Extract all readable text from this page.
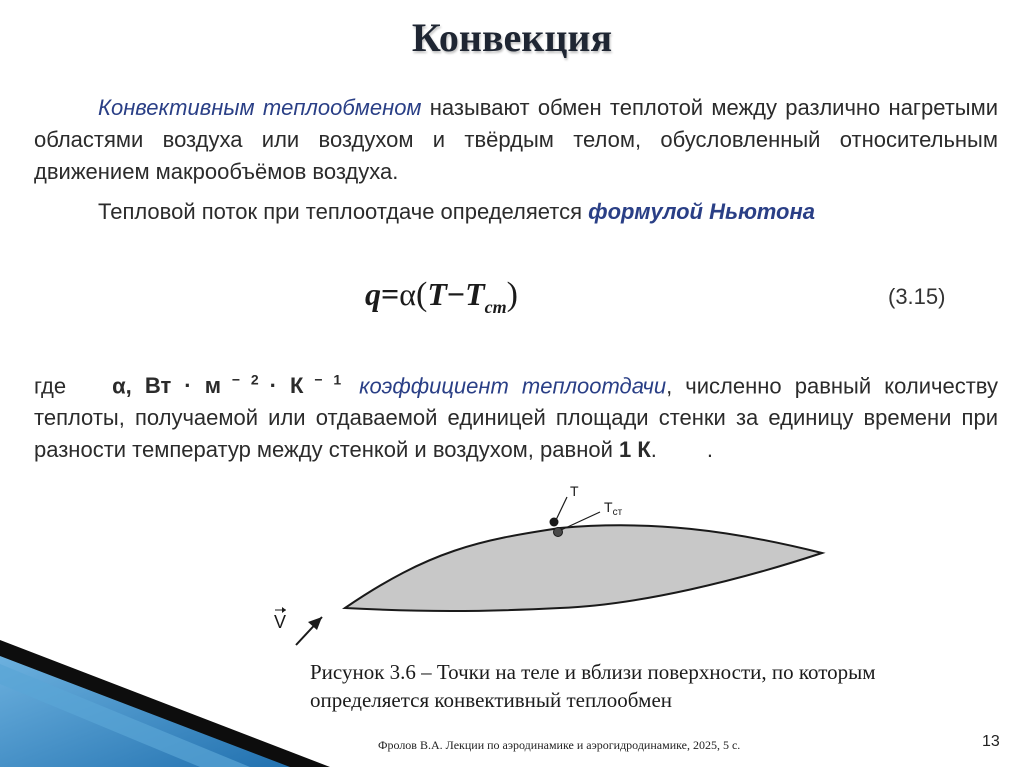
Конвекция
Конвективным теплообменом называют обмен теплотой между различно нагретыми областями воздуха или воздухом и твёрдым телом, обусловленный относительным движением макрообъёмов воздуха.
Тепловой поток при теплоотдаче определяется формулой Ньютона
$q=\alpha(T-T_{ст})$	(3.15)
где α, Вт · м $^{- 2}$ · К $^{- 1}$ коэффициент теплоотдачи, численно равный количеству теплоты, получаемой или отдаваемой единицей площади стенки за единицу времени при разности температур между стенкой и воздухом, равной 1 К. .
T
$Т_{ст}$
V
Рисунок 3.6 – Точки на теле и вблизи поверхности, по которым определяется конвективный теплообмен
Фролов В.А. Лекции по аэродинамике и аэрогидродинамике, 2025, 5 с.	13
